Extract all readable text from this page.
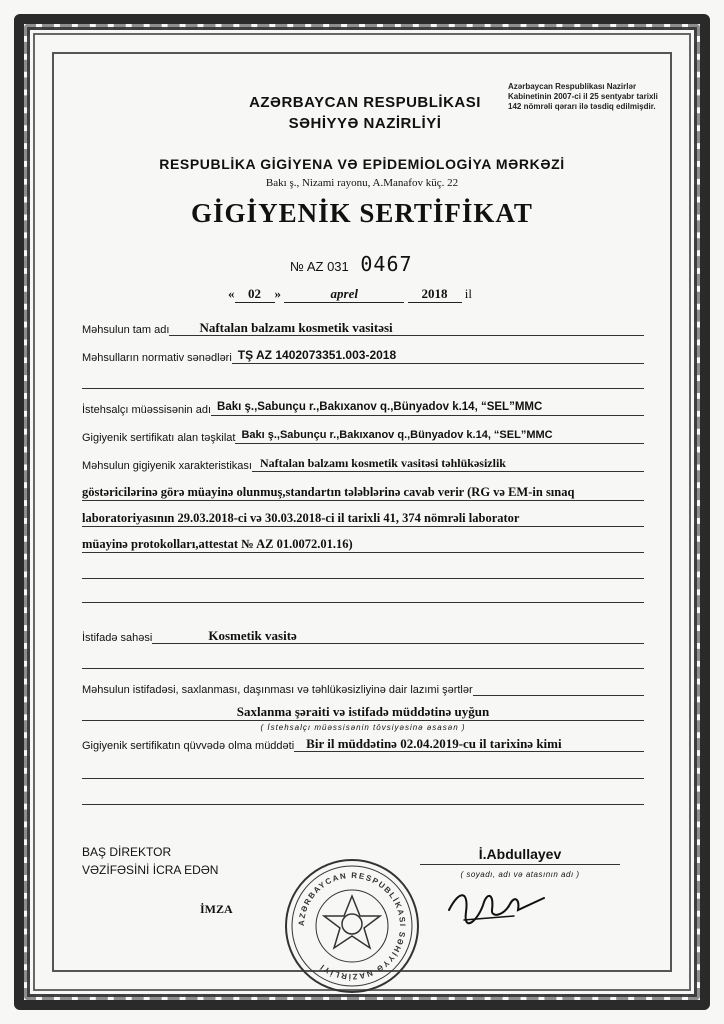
Azərbaycan Respublikası Nazirlər Kabinetinin 2007-ci il 25 sentyabr tarixli 142 nömrəli qərarı ilə təsdiq edilmişdir.
AZƏRBAYCAN RESPUBLİKASI
SƏHİYYƏ NAZİRLİYİ
RESPUBLİKA GİGİYENA VƏ EPİDEMİOLOGİYA MƏRKƏZİ
Bakı ş., Nizami rayonu, A.Manafov küç. 22
GİGİYENİK SERTİFİKAT
№ AZ 031 0467
« 02 »	aprel	2018 il
Məhsulun tam adı	Naftalan balzamı kosmetik vasitəsi
Məhsulların normativ sənədləri TŞ AZ 1402073351.003-2018
İstehsalçı müəssisənin adı Bakı ş.,Sabunçu r.,Bakıxanov q.,Bünyadov k.14, “SEL”MMC
Gigiyenik sertifikatı alan təşkilat Bakı ş.,Sabunçu r.,Bakıxanov q.,Bünyadov k.14, “SEL”MMC
Məhsulun gigiyenik xarakteristikası Naftalan balzamı kosmetik vasitəsi təhlükəsizlik
göstəricilərinə görə müayinə olunmuş,standartın tələblərinə cavab verir (RG və EM-in sınaq
laboratoriyasının 29.03.2018-ci və 30.03.2018-ci il tarixli 41, 374 nömrəli laborator
müayinə protokolları,attestat № AZ 01.0072.01.16)
İstifadə sahəsi	Kosmetik vasitə
Məhsulun istifadəsi, saxlanması, daşınması və təhlükəsizliyinə dair lazımi şərtlər
Saxlanma şəraiti və istifadə müddətinə uyğun
( İstehsalçı müəssisənin tövsiyəsinə əsasən )
Gigiyenik sertifikatın qüvvədə olma müddəti Bir il müddətinə 02.04.2019-cu il tarixinə kimi
BAŞ DİREKTOR
VƏZİFƏSİNİ İCRA EDƏN
İ.Abdullayev
( soyadı, adı və atasının adı )
İMZA
AZƏRBAYCAN RESPUBLİKASI SƏHİYYƏ NAZİRLİYİ
